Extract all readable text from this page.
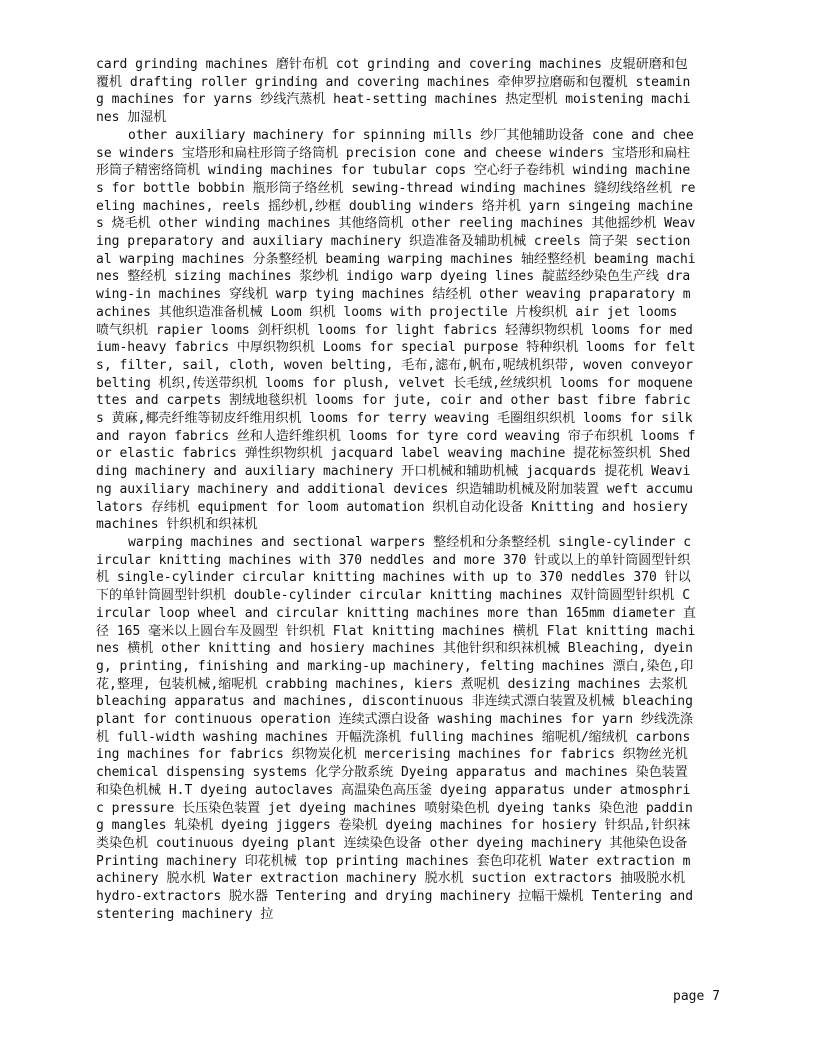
card grinding machines 磨针布机 cot grinding and covering machines 皮辊研磨和包覆机 drafting roller grinding and covering machines 牵伸罗拉磨砺和包覆机 steaming machines for yarns 纱线汽蒸机 heat-setting machines 热定型机 moistening machines 加湿机

other auxiliary machinery for spinning mills 纱厂其他辅助设备 cone and cheese winders 宝塔形和扁柱形筒子络筒机 precision cone and cheese winders 宝塔形和扁柱形筒子精密络筒机 winding machines for tubular cops 空心纡子卷纬机 winding machines for bottle bobbin 瓶形筒子络丝机 sewing-thread winding machines 缝纫线络丝机 reeling machines, reels 摇纱机,纱框 doubling winders 络并机 yarn singeing machines 烧毛机 other winding machines 其他络筒机 other reeling machines 其他摇纱机 Weaving preparatory and auxiliary machinery 织造准备及辅助机械 creels 筒子架 sectional warping machines 分条整经机 beaming warping machines 轴经整经机 beaming machines 整经机 sizing machines 浆纱机 indigo warp dyeing lines 靛蓝经纱染色生产线 drawing-in machines 穿线机 warp tying machines 结经机 other weaving praparatory machines 其他织造准备机械 Loom 织机 looms with projectile 片梭织机 air jet looms 喷气织机 rapier looms 剑杆织机 looms for light fabrics 轻薄织物织机 looms for medium-heavy fabrics 中厚织物织机 Looms for special purpose 特种织机 looms for felts, filter, sail, cloth, woven belting, 毛布,滤布,帆布,呢绒机织带, woven conveyor belting 机织,传送带织机 looms for plush, velvet 长毛绒,丝绒织机 looms for moquenettes and carpets 割绒地毯织机 looms for jute, coir and other bast fibre fabrics 黄麻,椰壳纤维等韧皮纤维用织机 looms for terry weaving 毛圈组织织机 looms for silk and rayon fabrics 丝和人造纤维织机 looms for tyre cord weaving 帘子布织机 looms for elastic fabrics 弹性织物织机 jacquard label weaving machine 提花标签织机 Shedding machinery and auxiliary machinery 开口机械和辅助机械 jacquards 提花机 Weaving auxiliary machinery and additional devices 织造辅助机械及附加装置 weft accumulators 存纬机 equipment for loom automation 织机自动化设备 Knitting and hosiery machines 针织机和织袜机

warping machines and sectional warpers 整经机和分条整经机 single-cylinder circular knitting machines with 370 neddles and more 370 针或以上的单针筒圆型针织机 single-cylinder circular knitting machines with up to 370 neddles 370 针以下的单针筒圆型针织机 double-cylinder circular knitting machines 双针筒圆型针织机 Circular loop wheel and circular knitting machines more than 165mm diameter 直径 165 毫米以上圆台车及圆型 针织机 Flat knitting machines 横机 Flat knitting machines 横机 other knitting and hosiery machines 其他针织和织袜机械 Bleaching, dyeing, printing, finishing and marking-up machinery, felting machines 漂白,染色,印花,整理, 包装机械,缩呢机 crabbing machines, kiers 煮呢机 desizing machines 去浆机 bleaching apparatus and machines, discontinuous 非连续式漂白装置及机械 bleaching plant for continuous operation 连续式漂白设备 washing machines for yarn 纱线洗涤机 full-width washing machines 开幅洗涤机 fulling machines 缩呢机/缩绒机 carbonsing machines for fabrics 织物炭化机 mercerising machines for fabrics 织物丝光机 chemical dispensing systems 化学分散系统 Dyeing apparatus and machines 染色装置和染色机械 H.T dyeing autoclaves 高温染色高压釜 dyeing apparatus under atmosphric pressure 长压染色装置 jet dyeing machines 喷射染色机 dyeing tanks 染色池 padding mangles 轧染机 dyeing jiggers 卷染机 dyeing machines for hosiery 针织品,针织袜类染色机 coutinuous dyeing plant 连续染色设备 other dyeing machinery 其他染色设备 Printing machinery 印花机械 top printing machines 套色印花机 Water extraction machinery 脱水机 Water extraction machinery 脱水机 suction extractors 抽吸脱水机 hydro-extractors 脱水器 Tentering and drying machinery 拉幅干燥机 Tentering and stentering machinery 拉

page 7
